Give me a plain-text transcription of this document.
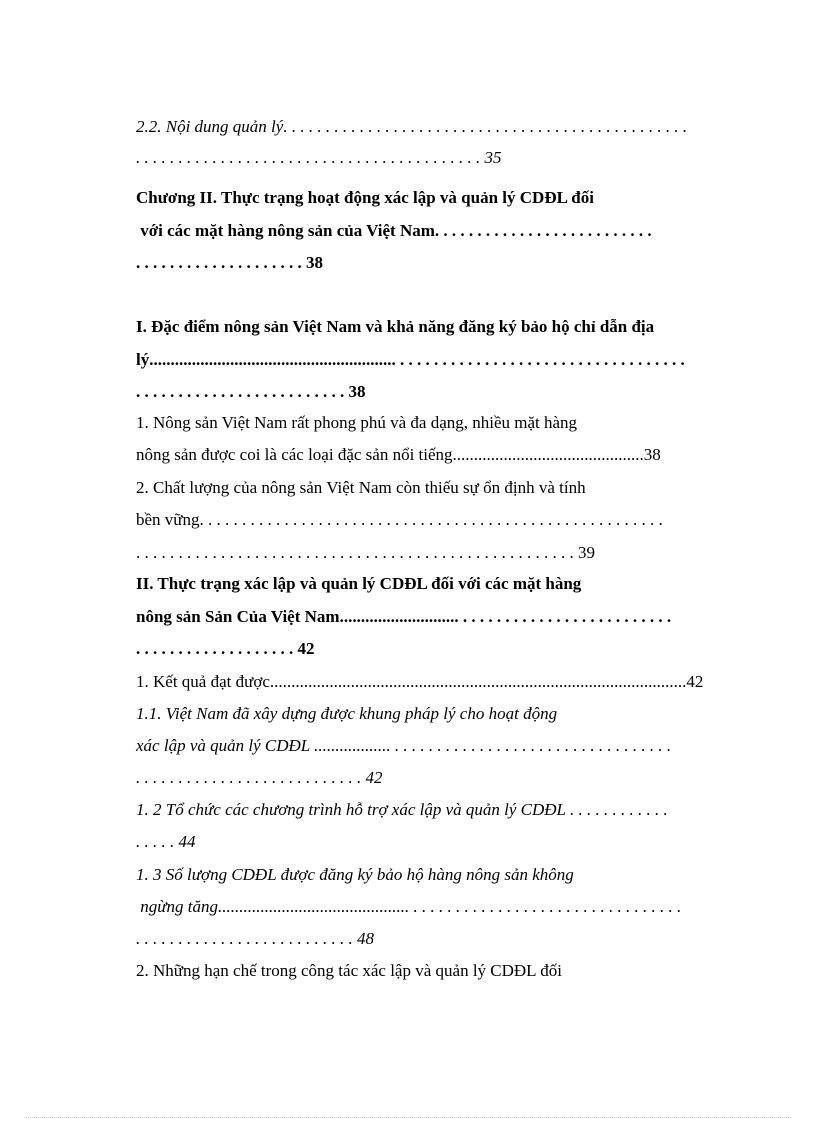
2.2. Nội dung quản lý. . . . . . . . . . . . . . . . . . . . . . . . . . . . . . . . . . . . . . . . . . . . . . . .
. . . . . . . . . . . . . . . . . . . . . . . . . . . . . . . . . . . . . . . . . 35
Chương II. Thực trạng hoạt động xác lập và quản lý CDĐL đối
với các mặt hàng nông sản của Việt Nam. . . . . . . . . . . . . . . . . . . . . . . . . .
. . . . . . . . . . . . . . . . . . . . 38
I. Đặc điểm nông sản Việt Nam và khả năng đăng ký bảo hộ chỉ dẫn địa
lý.......................................................... . . . . . . . . . . . . . . . . . . . . . . . . . . . . . . . . . .
. . . . . . . . . . . . . . . . . . . . . . . . . 38
1. Nông sản Việt Nam rất phong phú và đa dạng, nhiều mặt hàng
nông sản được coi là các loại đặc sản nổi tiếng.............................................38
2. Chất lượng của nông sản Việt Nam còn thiếu sự ổn định và tính
bền vững. . . . . . . . . . . . . . . . . . . . . . . . . . . . . . . . . . . . . . . . . . . . . . . . . . . . . . .
. . . . . . . . . . . . . . . . . . . . . . . . . . . . . . . . . . . . . . . . . . . . . . . . . . . . 39
II. Thực trạng xác lập và quản lý CDĐL đối với các mặt hàng
nông sản Sản Của Việt Nam............................ . . . . . . . . . . . . . . . . . . . . . . . . .
. . . . . . . . . . . . . . . . . . . 42
1. Kết quả đạt được..................................................................................................42
1.1. Việt Nam đã xây dựng được khung pháp lý cho hoạt động
xác lập và quản lý CDĐL .................. . . . . . . . . . . . . . . . . . . . . . . . . . . . . . . . . .
. . . . . . . . . . . . . . . . . . . . . . . . . . . 42
1. 2 Tổ chức các chương trình hỗ trợ xác lập và quản lý CDĐL . . . . . . . . . . . .
. . . . . 44
1. 3 Số lượng CDĐL được đăng ký bảo hộ hàng nông sản không
ngừng tăng............................................. . . . . . . . . . . . . . . . . . . . . . . . . . . . . . . . .
. . . . . . . . . . . . . . . . . . . . . . . . . . 48
2. Những hạn chế trong công tác xác lập và quản lý CDĐL đối
